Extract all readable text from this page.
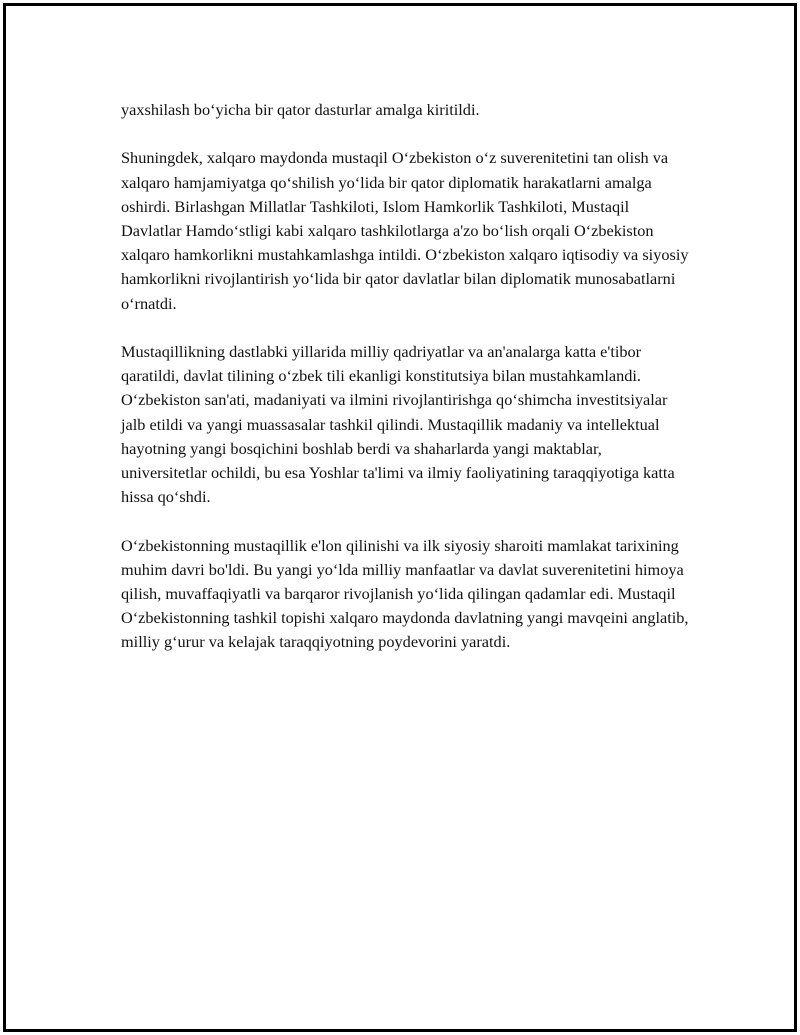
yaxshilash bo‘yicha bir qator dasturlar amalga kiritildi.

Shuningdek, xalqaro maydonda mustaqil O‘zbekiston o‘z suverenitetini tan olish va xalqaro hamjamiyatga qo‘shilish yo‘lida bir qator diplomatik harakatlarni amalga oshirdi. Birlashgan Millatlar Tashkiloti, Islom Hamkorlik Tashkiloti, Mustaqil Davlatlar Hamdo‘stligi kabi xalqaro tashkilotlarga a'zo bo‘lish orqali O‘zbekiston xalqaro hamkorlikni mustahkamlashga intildi. O‘zbekiston xalqaro iqtisodiy va siyosiy hamkorlikni rivojlantirish yo‘lida bir qator davlatlar bilan diplomatik munosabatlarni o‘rnatdi.

Mustaqillikning dastlabki yillarida milliy qadriyatlar va an'analarga katta e'tibor qaratildi, davlat tilining o‘zbek tili ekanligi konstitutsiya bilan mustahkamlandi. O‘zbekiston san'ati, madaniyati va ilmini rivojlantirishga qo‘shimcha investitsiyalar jalb etildi va yangi muassasalar tashkil qilindi. Mustaqillik madaniy va intellektual hayotning yangi bosqichini boshlab berdi va shaharlarda yangi maktablar, universitetlar ochildi, bu esa Yoshlar ta'limi va ilmiy faoliyatining taraqqiyotiga katta hissa qo‘shdi.

O‘zbekistonning mustaqillik e'lon qilinishi va ilk siyosiy sharoiti mamlakat tarixining muhim davri bo'ldi. Bu yangi yo‘lda milliy manfaatlar va davlat suverenitetini himoya qilish, muvaffaqiyatli va barqaror rivojlanish yo‘lida qilingan qadamlar edi. Mustaqil O‘zbekistonning tashkil topishi xalqaro maydonda davlatning yangi mavqeini anglatib, milliy g‘urur va kelajak taraqqiyotning poydevorini yaratdi.
